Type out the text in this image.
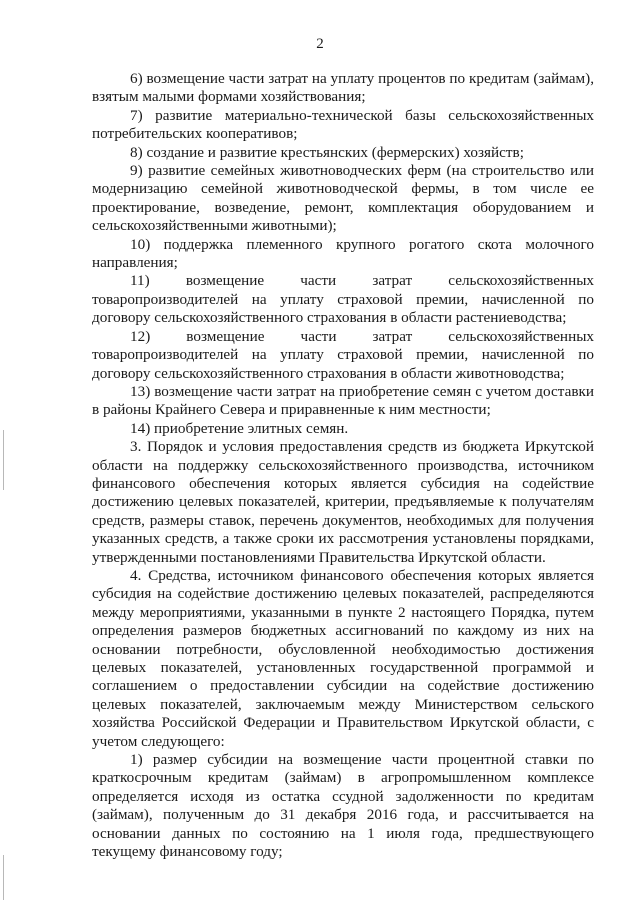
2

6) возмещение части затрат на уплату процентов по кредитам (займам), взятым малыми формами хозяйствования;

7) развитие материально-технической базы сельскохозяйственных потребительских кооперативов;

8) создание и развитие крестьянских (фермерских) хозяйств;

9) развитие семейных животноводческих ферм (на строительство или модернизацию семейной животноводческой фермы, в том числе ее проектирование, возведение, ремонт, комплектация оборудованием и сельскохозяйственными животными);

10) поддержка племенного крупного рогатого скота молочного направления;

11) возмещение части затрат сельскохозяйственных товаропроизводителей на уплату страховой премии, начисленной по договору сельскохозяйственного страхования в области растениеводства;

12) возмещение части затрат сельскохозяйственных товаропроизводителей на уплату страховой премии, начисленной по договору сельскохозяйственного страхования в области животноводства;

13) возмещение части затрат на приобретение семян с учетом доставки в районы Крайнего Севера и приравненные к ним местности;

14) приобретение элитных семян.

3. Порядок и условия предоставления средств из бюджета Иркутской области на поддержку сельскохозяйственного производства, источником финансового обеспечения которых является субсидия на содействие достижению целевых показателей, критерии, предъявляемые к получателям средств, размеры ставок, перечень документов, необходимых для получения указанных средств, а также сроки их рассмотрения установлены порядками, утвержденными постановлениями Правительства Иркутской области.

4. Средства, источником финансового обеспечения которых является субсидия на содействие достижению целевых показателей, распределяются между мероприятиями, указанными в пункте 2 настоящего Порядка, путем определения размеров бюджетных ассигнований по каждому из них на основании потребности, обусловленной необходимостью достижения целевых показателей, установленных государственной программой и соглашением о предоставлении субсидии на содействие достижению целевых показателей, заключаемым между Министерством сельского хозяйства Российской Федерации и Правительством Иркутской области, с учетом следующего:

1) размер субсидии на возмещение части процентной ставки по краткосрочным кредитам (займам) в агропромышленном комплексе определяется исходя из остатка ссудной задолженности по кредитам (займам), полученным до 31 декабря 2016 года, и рассчитывается на основании данных по состоянию на 1 июля года, предшествующего текущему финансовому году;
